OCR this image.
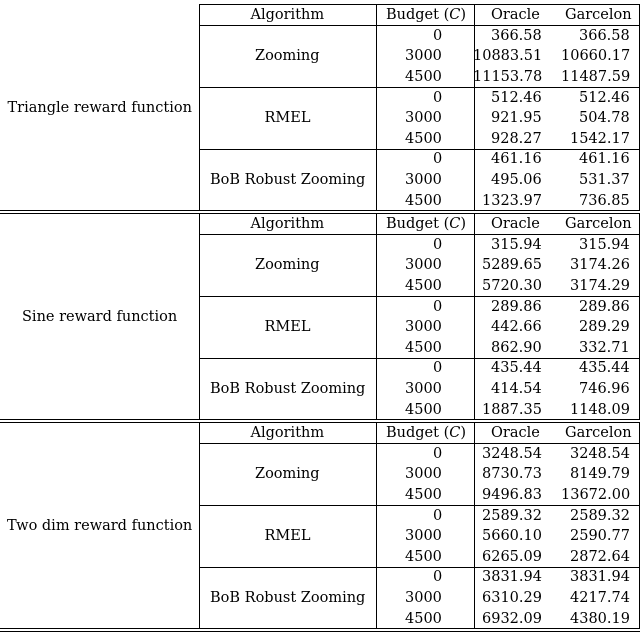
Algorithm	Budget (C) Oracle Garcelon
Triangle reward function
Zooming
0	366.58	366.58
3000 10883.51 10660.17
4500 11153.78 11487.59
RMEL
0	512.46	512.46
3000	921.95	504.78
4500	928.27 1542.17
BoB Robust Zooming
0	461.16	461.16
3000	495.06	531.37
4500	1323.97	736.85
Algorithm	Budget (C) Oracle Garcelon
Sine reward function
Zooming
0	315.94	315.94
3000	5289.65 3174.26
4500	5720.30 3174.29
RMEL
0	289.86	289.86
3000	442.66	289.29
4500	862.90	332.71
BoB Robust Zooming
0	435.44	435.44
3000	414.54	746.96
4500	1887.35 1148.09
Algorithm	Budget (C) Oracle Garcelon
Two dim reward function
Zooming
0	3248.54 3248.54
3000	8730.73 8149.79
4500	9496.83 13672.00
RMEL
0	2589.32 2589.32
3000	5660.10 2590.77
4500	6265.09 2872.64
BoB Robust Zooming
0	3831.94 3831.94
3000	6310.29 4217.74
4500	6932.09 4380.19
